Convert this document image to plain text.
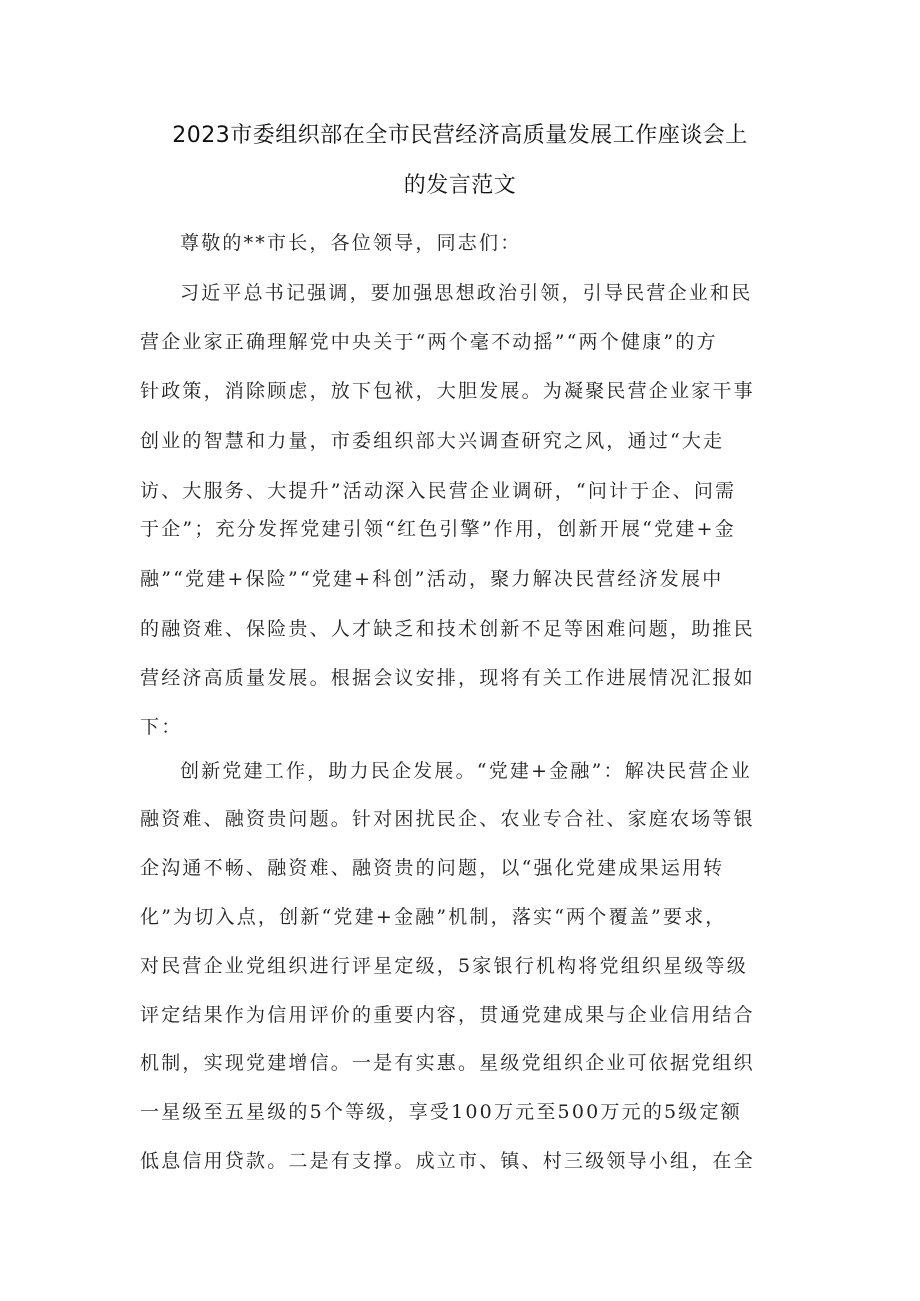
2023市委组织部在全市民营经济高质量发展工作座谈会上
的发言范文
尊敬的**市长，各位领导，同志们：
习近平总书记强调，要加强思想政治引领，引导民营企业和民
营企业家正确理解党中央关于“两个毫不动摇”“两个健康”的方
针政策，消除顾虑，放下包袱，大胆发展。为凝聚民营企业家干事
创业的智慧和力量，市委组织部大兴调查研究之风，通过“大走
访、大服务、大提升”活动深入民营企业调研，“问计于企、问需
于企”；充分发挥党建引领“红色引擎”作用，创新开展“党建+金
融”“党建+保险”“党建+科创”活动，聚力解决民营经济发展中
的融资难、保险贵、人才缺乏和技术创新不足等困难问题，助推民
营经济高质量发展。根据会议安排，现将有关工作进展情况汇报如
下：
创新党建工作，助力民企发展。“党建+金融”：解决民营企业
融资难、融资贵问题。针对困扰民企、农业专合社、家庭农场等银
企沟通不畅、融资难、融资贵的问题，以“强化党建成果运用转
化”为切入点，创新“党建+金融”机制，落实“两个覆盖”要求，
对民营企业党组织进行评星定级，5家银行机构将党组织星级等级
评定结果作为信用评价的重要内容，贯通党建成果与企业信用结合
机制，实现党建增信。一是有实惠。星级党组织企业可依据党组织
一星级至五星级的5个等级，享受100万元至500万元的5级定额
低息信用贷款。二是有支撑。成立市、镇、村三级领导小组，在全
